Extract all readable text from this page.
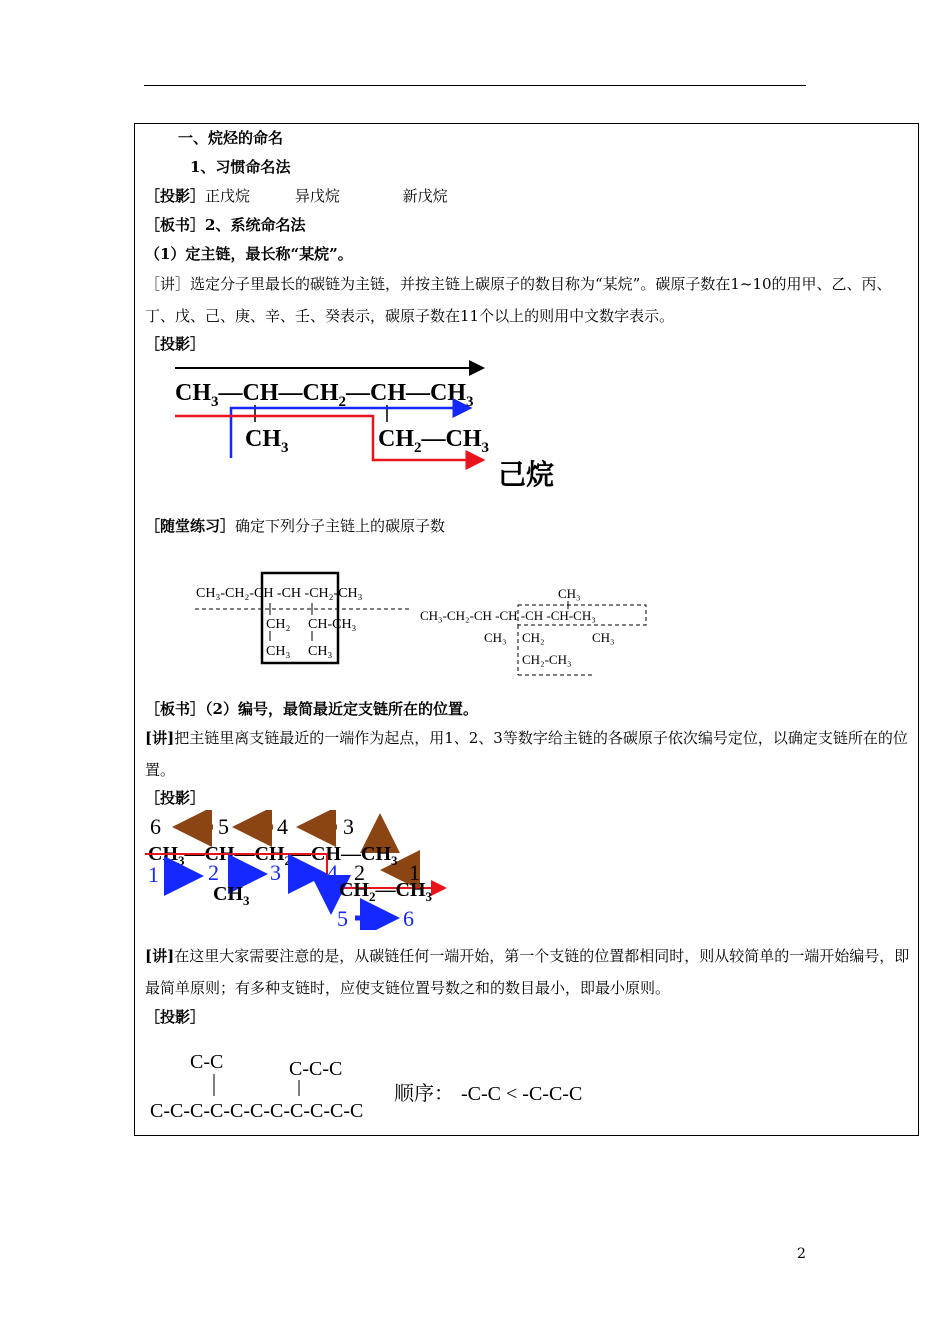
一、烷烃的命名
1、习惯命名法
［投影］正戊烷	异戊烷	新戊烷
［板书］2、系统命名法
（1）定主链，最长称“某烷”。
［讲］选定分子里最长的碳链为主链，并按主链上碳原子的数目称为“某烷”。碳原子数在1~10的用甲、乙、丙、丁、戊、己、庚、辛、壬、癸表示，碳原子数在11个以上的则用中文数字表示。
［投影］
$CH_3—CH—CH_2—CH—CH_3$
$CH_3$	$CH_2—CH_3$
己烷
［随堂练习］确定下列分子主链上的碳原子数
CH₃-CH₂-CH -CH -CH₂-CH₃
CH₂
CH₃
CH-CH₃
CH₃
CH₃
CH₃-CH₂-CH -CH -CH -CH-CH₃
CH₃ CH₂	CH₃
CH₂-CH₃
［板书］（2）编号，最简最近定支链所在的位置。
[讲]把主链里离支链最近的一端作为起点，用1、2、3等数字给主链的各碳原子依次编号定位，以确定支链所在的位置。
［投影］
6	5 4	3
$CH_3—CH—CH_2—CH—CH_3$
1 2 3 4 2 1
$CH_3$	$CH_2—CH_3$
5	6
[讲]在这里大家需要注意的是，从碳链任何一端开始，第一个支链的位置都相同时，则从较简单的一端开始编号，即最简单原则；有多种支链时，应使支链位置号数之和的数目最小，即最小原则。
［投影］
C-C	C-C-C
C-C-C-C-C-C-C-C-C-C-C
顺序： -C-C < -C-C-C
2
